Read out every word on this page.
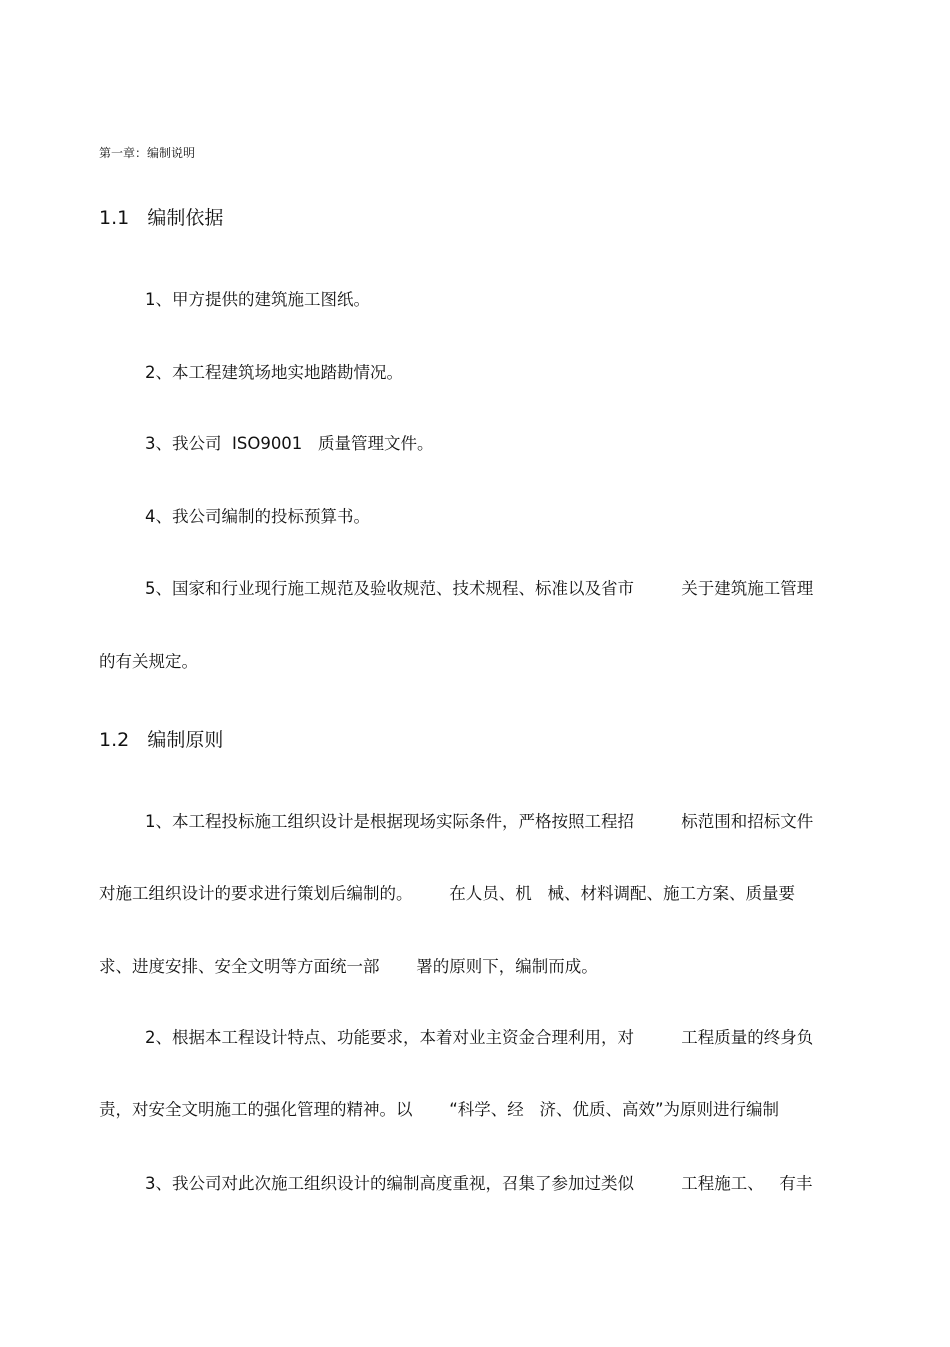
第一章：编制说明
1.1   编制依据
1、甲方提供的建筑施工图纸。
2、本工程建筑场地实地踏勘情况。
3、我公司  ISO9001   质量管理文件。
4、我公司编制的投标预算书。
5、国家和行业现行施工规范及验收规范、技术规程、标准以及省市         关于建筑施工管理
的有关规定。
1.2   编制原则
1、本工程投标施工组织设计是根据现场实际条件，严格按照工程招         标范围和招标文件
对施工组织设计的要求进行策划后编制的。       在人员、机   械、材料调配、施工方案、质量要
求、进度安排、安全文明等方面统一部       署的原则下，编制而成。
2、根据本工程设计特点、功能要求，本着对业主资金合理利用，对         工程质量的终身负
责，对安全文明施工的强化管理的精神。以       “科学、经   济、优质、高效”为原则进行编制
3、我公司对此次施工组织设计的编制高度重视，召集了参加过类似         工程施工、   有丰
